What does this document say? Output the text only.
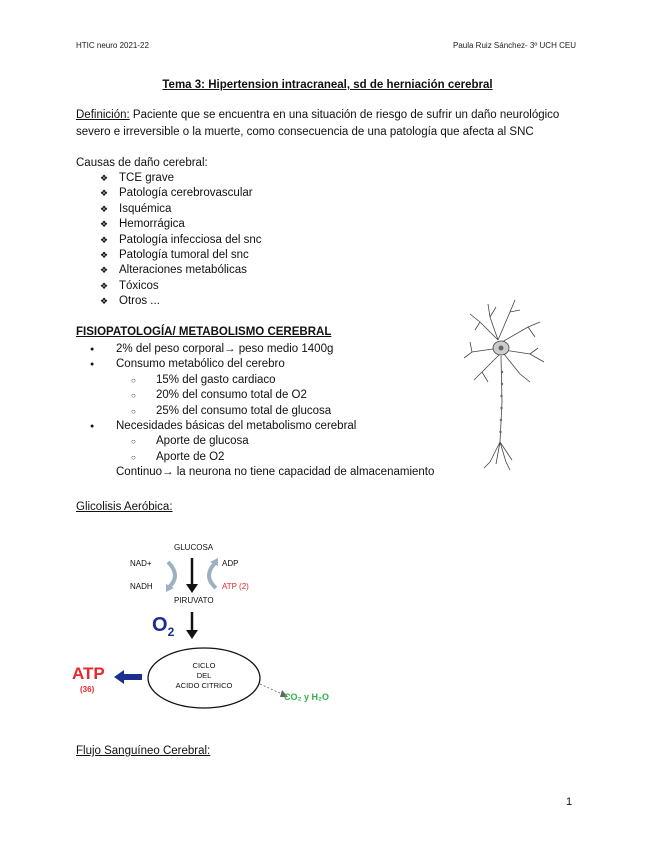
HTIC neuro 2021-22	Paula Ruiz Sánchez- 3º UCH CEU
Tema 3: Hipertension intracraneal, sd de herniación cerebral
Definición: Paciente que se encuentra en una situación de riesgo de sufrir un daño neurológico severo e irreversible o la muerte, como consecuencia de una patología que afecta al SNC
Causas de daño cerebral:
❖ TCE grave
❖ Patología cerebrovascular
❖ Isquémica
❖ Hemorrágica
❖ Patología infecciosa del snc
❖ Patología tumoral del snc
❖ Alteraciones metabólicas
❖ Tóxicos
❖ Otros ...
FISIOPATOLOGÍA/ METABOLISMO CEREBRAL
● 2% del peso corporal→ peso medio 1400g
● Consumo metabólico del cerebro
○ 15% del gasto cardiaco
○ 20% del consumo total de O2
○ 25% del consumo total de glucosa
● Necesidades básicas del metabolismo cerebral
○ Aporte de glucosa
○ Aporte de O2
Continuo→ la neurona no tiene capacidad de almacenamiento
Glicolisis Aeróbica:
GLUCOSA
NAD+
NADH
ADP
ATP (2)
PIRUVATO
$O_2$
CICLO
DEL
ACIDO CITRICO
ATP
(36)
CO₂ y H₂O
Flujo Sanguíneo Cerebral:
1
